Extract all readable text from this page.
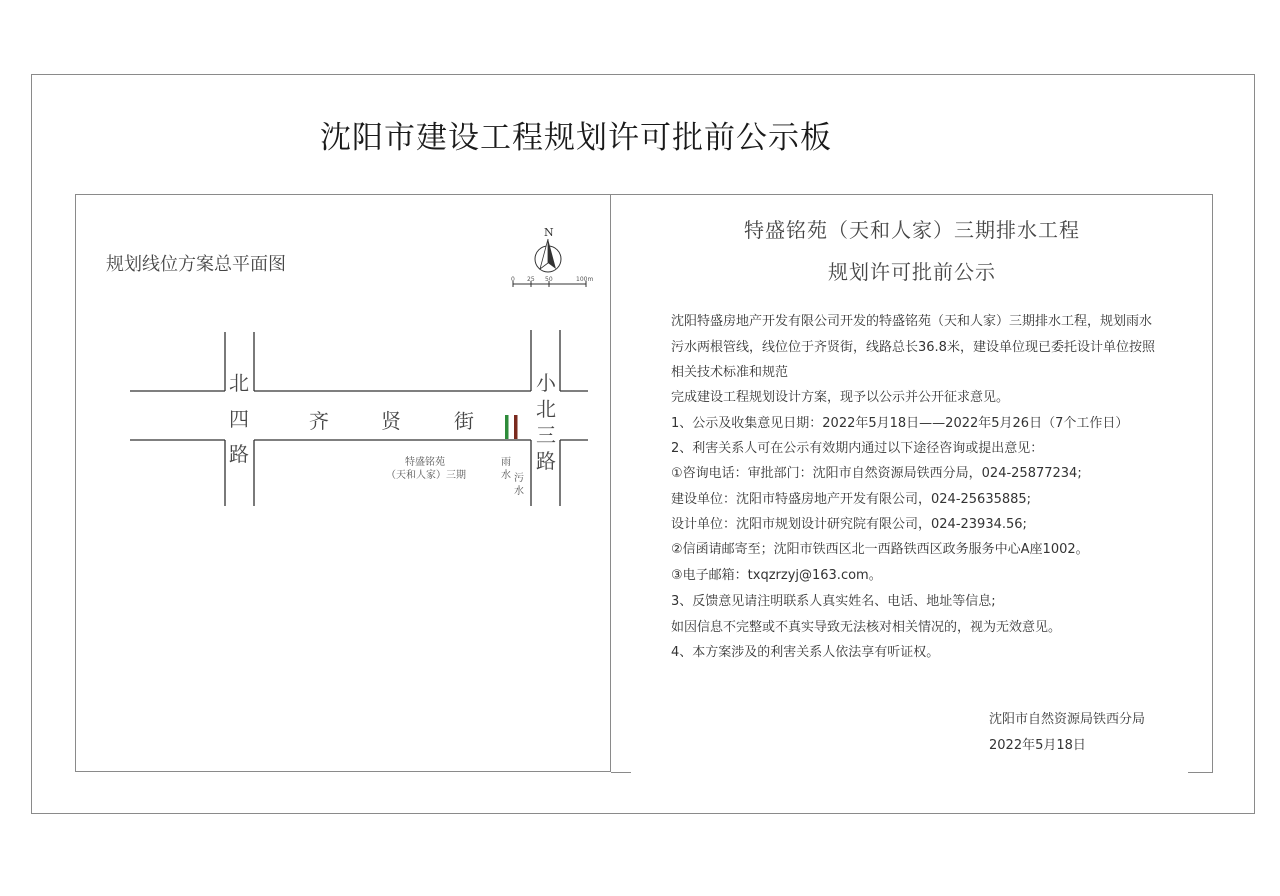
沈阳市建设工程规划许可批前公示板
规划线位方案总平面图
N
0 25 50	100m
北
四
路
齐	贤	街
小
北
三
路
特盛铭苑
（天和人家）三期
雨
水 污
水
特盛铭苑（天和人家）三期排水工程
规划许可批前公示
沈阳特盛房地产开发有限公司开发的特盛铭苑（天和人家）三期排水工程，规划雨水
污水两根管线，线位位于齐贤街，线路总长36.8米，建设单位现已委托设计单位按照
相关技术标准和规范
完成建设工程规划设计方案，现予以公示并公开征求意见。
1、公示及收集意见日期：2022年5月18日——2022年5月26日（7个工作日）
2、利害关系人可在公示有效期内通过以下途径咨询或提出意见：
①咨询电话：审批部门：沈阳市自然资源局铁西分局，024-25877234;
建设单位：沈阳市特盛房地产开发有限公司，024-25635885;
设计单位：沈阳市规划设计研究院有限公司，024-23934.56;
②信函请邮寄至；沈阳市铁西区北一西路铁西区政务服务中心A座1002。
③电子邮箱：txqzrzyj@163.com。
3、反馈意见请注明联系人真实姓名、电话、地址等信息;
如因信息不完整或不真实导致无法核对相关情况的，视为无效意见。
4、本方案涉及的利害关系人依法享有听证权。
沈阳市自然资源局铁西分局
2022年5月18日
